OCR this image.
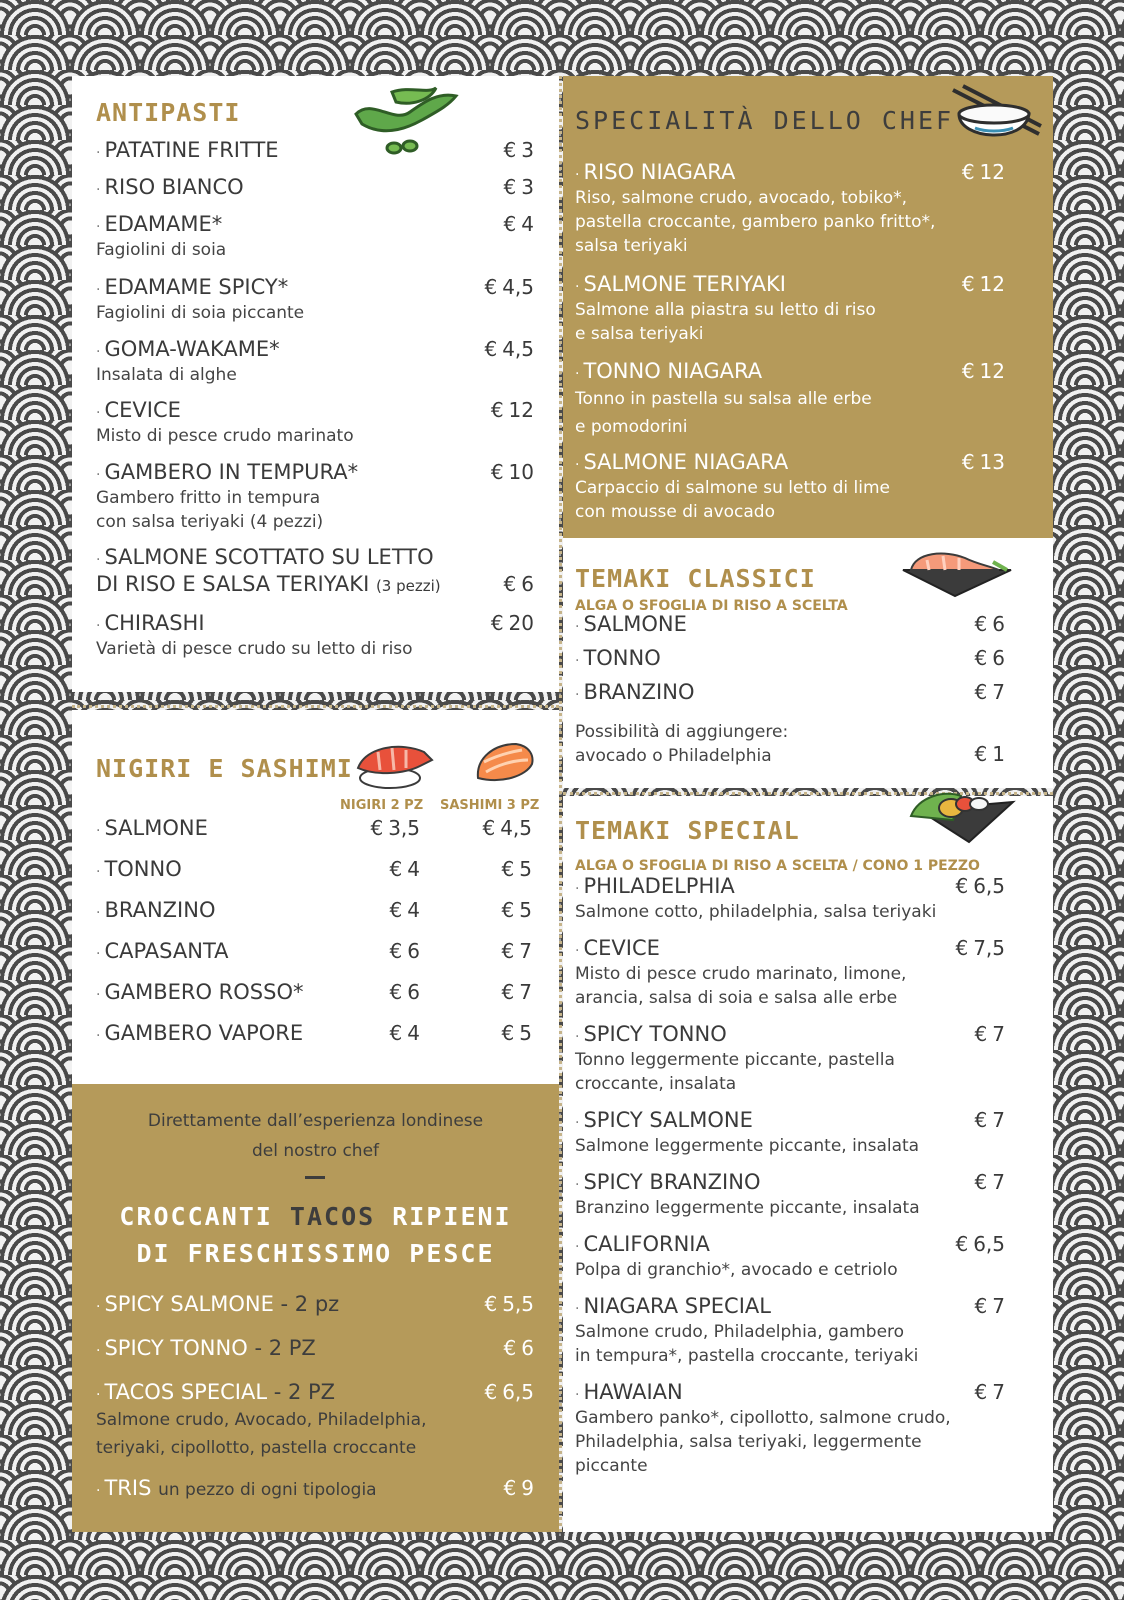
ANTIPASTI
· PATATINE FRITTE	€ 3
· RISO BIANCO	€ 3
· EDAMAME*	€ 4
Fagiolini di soia
· EDAMAME SPICY*	€ 4,5
Fagiolini di soia piccante
· GOMA-WAKAME*	€ 4,5
Insalata di alghe
· CEVICE	€ 12
Misto di pesce crudo marinato
· GAMBERO IN TEMPURA*	€ 10
Gambero fritto in tempura
con salsa teriyaki (4 pezzi)
· SALMONE SCOTTATO SU LETTO
DI RISO E SALSA TERIYAKI (3 pezzi)	€ 6
· CHIRASHI	€ 20
Varietà di pesce crudo su letto di riso
NIGIRI E SASHIMI
NIGIRI 2 PZ SASHIMI 3 PZ
· SALMONE	€ 3,5	€ 4,5
· TONNO	€ 4	€ 5
· BRANZINO	€ 4	€ 5
· CAPASANTA	€ 6	€ 7
· GAMBERO ROSSO*	€ 6	€ 7
· GAMBERO VAPORE	€ 4	€ 5
Direttamente dall’esperienza londinese
del nostro chef
CROCCANTI TACOS RIPIENI
DI FRESCHISSIMO PESCE
· SPICY SALMONE - 2 pz	€ 5,5
· SPICY TONNO - 2 PZ	€ 6
· TACOS SPECIAL - 2 PZ	€ 6,5
Salmone crudo, Avocado, Philadelphia,
teriyaki, cipollotto, pastella croccante
· TRIS un pezzo di ogni tipologia	€ 9
SPECIALITÀ DELLO CHEF
· RISO NIAGARA	€ 12
Riso, salmone crudo, avocado, tobiko*,
pastella croccante, gambero panko fritto*,
salsa teriyaki
· SALMONE TERIYAKI	€ 12
Salmone alla piastra su letto di riso
e salsa teriyaki
· TONNO NIAGARA	€ 12
Tonno in pastella su salsa alle erbe
e pomodorini
· SALMONE NIAGARA	€ 13
Carpaccio di salmone su letto di lime
con mousse di avocado
TEMAKI CLASSICI
ALGA O SFOGLIA DI RISO A SCELTA
· SALMONE	€ 6
· TONNO	€ 6
· BRANZINO	€ 7
Possibilità di aggiungere:
avocado o Philadelphia	€ 1
TEMAKI SPECIAL
ALGA O SFOGLIA DI RISO A SCELTA / CONO 1 PEZZO
· PHILADELPHIA	€ 6,5
Salmone cotto, philadelphia, salsa teriyaki
· CEVICE	€ 7,5
Misto di pesce crudo marinato, limone,
arancia, salsa di soia e salsa alle erbe
· SPICY TONNO	€ 7
Tonno leggermente piccante, pastella
croccante, insalata
· SPICY SALMONE	€ 7
Salmone leggermente piccante, insalata
· SPICY BRANZINO	€ 7
Branzino leggermente piccante, insalata
· CALIFORNIA	€ 6,5
Polpa di granchio*, avocado e cetriolo
· NIAGARA SPECIAL	€ 7
Salmone crudo, Philadelphia, gambero
in tempura*, pastella croccante, teriyaki
· HAWAIAN	€ 7
Gambero panko*, cipollotto, salmone crudo,
Philadelphia, salsa teriyaki, leggermente
piccante
